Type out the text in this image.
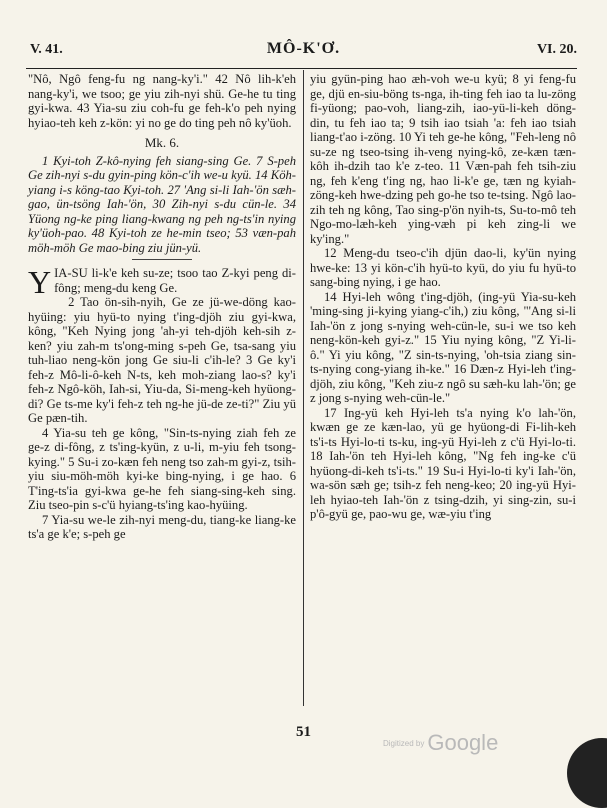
V. 41.	MÔ-K'Ơ.	VI. 20.

"Nô, Ngô feng-fu ng nang-ky'i." 42 Nô lih-k'eh nang-ky'i, we tsoo; ge yiu zih-nyi shü. Ge-he tu ting gyi-kwa. 43 Yia-su ziu coh-fu ge feh-k'o peh nying hyiao-teh keh z-kön: yi no ge do ting peh nô ky'üoh.

Mk. 6.

1 Kyi-toh Z-kô-nying feh siang-sing Ge. 7 S-peh Ge zih-nyi s-du gyin-ping kön-c'ih we-u kyü. 14 Köh-yiang i-s köng-tao Kyi-toh. 27 'Ang si-li Iah-'ön sæh-gao, ün-tsöng Iah-'ön, 30 Zih-nyi s-du cün-le. 34 Yüong ng-ke ping liang-kwang ng peh ng-ts'in nying ky'üoh-pao. 48 Kyi-toh ze he-min tseo; 53 væn-pah möh-möh Ge mao-bing ziu jün-yü.

YIA-SU li-k'e keh su-ze; tsoo tao Z-kyi peng di-fông; meng-du keng Ge.

2 Tao ön-sih-nyih, Ge ze jü-we-döng kao-hyüing: yiu hyü-to nying t'ing-djöh ziu gyi-kwa, kông, "Keh Nying jong 'ah-yi teh-djöh keh-sih z-ken? yiu zah-m ts'ong-ming s-peh Ge, tsa-sang yiu tuh-liao neng-kön jong Ge siu-li c'ih-le? 3 Ge ky'i feh-z Mô-li-ô-keh N-ts, keh moh-ziang lao-s? ky'i feh-z Ngô-köh, Iah-si, Yiu-da, Si-meng-keh hyüong-di? Ge ts-me ky'i feh-z teh ng-he jü-de ze-ti?" Ziu yü Ge pæn-tih.

4 Yia-su teh ge kông, "Sin-ts-nying ziah feh ze ge-z di-fông, z ts'ing-kyün, z u-li, m-yiu feh tsong-kying." 5 Su-i zo-kæn feh neng tso zah-m gyi-z, tsih-yiu siu-möh-möh kyi-ke bing-nying, i ge hao. 6 T'ing-ts'ia gyi-kwa ge-he feh siang-sing-keh sing. Ziu tseo-pin s-c'ü hyiang-ts'ing kao-hyüing.

7 Yia-su we-le zih-nyi meng-du, tiang-ke liang-ke ts'a ge k'e; s-peh ge

yiu gyün-ping hao æh-voh we-u kyü; 8 yi feng-fu ge, djü en-siu-böng ts-nga, ih-ting feh iao ta lu-zöng fi-yüong; pao-voh, liang-zih, iao-yü-li-keh döng-din, tu feh iao ta; 9 tsih iao tsiah 'a: feh iao tsiah liang-t'ao i-zöng. 10 Yi teh ge-he kông, "Feh-leng nô su-ze ng tseo-tsing ih-veng nying-kô, ze-kæn tæn-kôh ih-dzih tao k'e z-teo. 11 Væn-pah feh tsih-ziu ng, feh k'eng t'ing ng, hao li-k'e ge, tæn ng kyiah-zöng-keh hwe-dzing peh go-he tso te-tsing. Ngô lao-zih teh ng kông, Tao sing-p'ön nyih-ts, Su-to-mô teh Ngo-mo-læh-keh ying-væh pi keh zing-li we ky'ing."

12 Meng-du tseo-c'ih djün dao-li, ky'ün nying hwe-ke: 13 yi kön-c'ih hyü-to kyü, do yiu fu hyü-to sang-bing nying, i ge hao.

14 Hyi-leh wông t'ing-djöh, (ing-yü Yia-su-keh 'ming-sing ji-kying yiang-c'ih,) ziu kông, "'Ang si-li Iah-'ön z jong s-nying weh-cün-le, su-i we tso keh neng-kön-keh gyi-z." 15 Yiu nying kông, "Z Yi-li-ô." Yi yiu kông, "Z sin-ts-nying, 'oh-tsia ziang sin-ts-nying cong-yiang ih-ke." 16 Dæn-z Hyi-leh t'ing-djöh, ziu kông, "Keh ziu-z ngô su sæh-ku lah-'ön; ge z jong s-nying weh-cün-le."

17 Ing-yü keh Hyi-leh ts'a nying k'o lah-'ön, kwæn ge ze kæn-lao, yü ge hyüong-di Fi-lih-keh ts'i-ts Hyi-lo-ti ts-ku, ing-yü Hyi-leh z c'ü Hyi-lo-ti. 18 Iah-'ön teh Hyi-leh kông, "Ng feh ing-ke c'ü hyüong-di-keh ts'i-ts." 19 Su-i Hyi-lo-ti ky'i Iah-'ön, wa-sön sæh ge; tsih-z feh neng-keo; 20 ing-yü Hyi-leh hyiao-teh Iah-'ön z tsing-dzih, yi sing-zin, su-i p'ô-gyü ge, pao-wu ge, wæ-yiu t'ing

51
Digitized by Google
